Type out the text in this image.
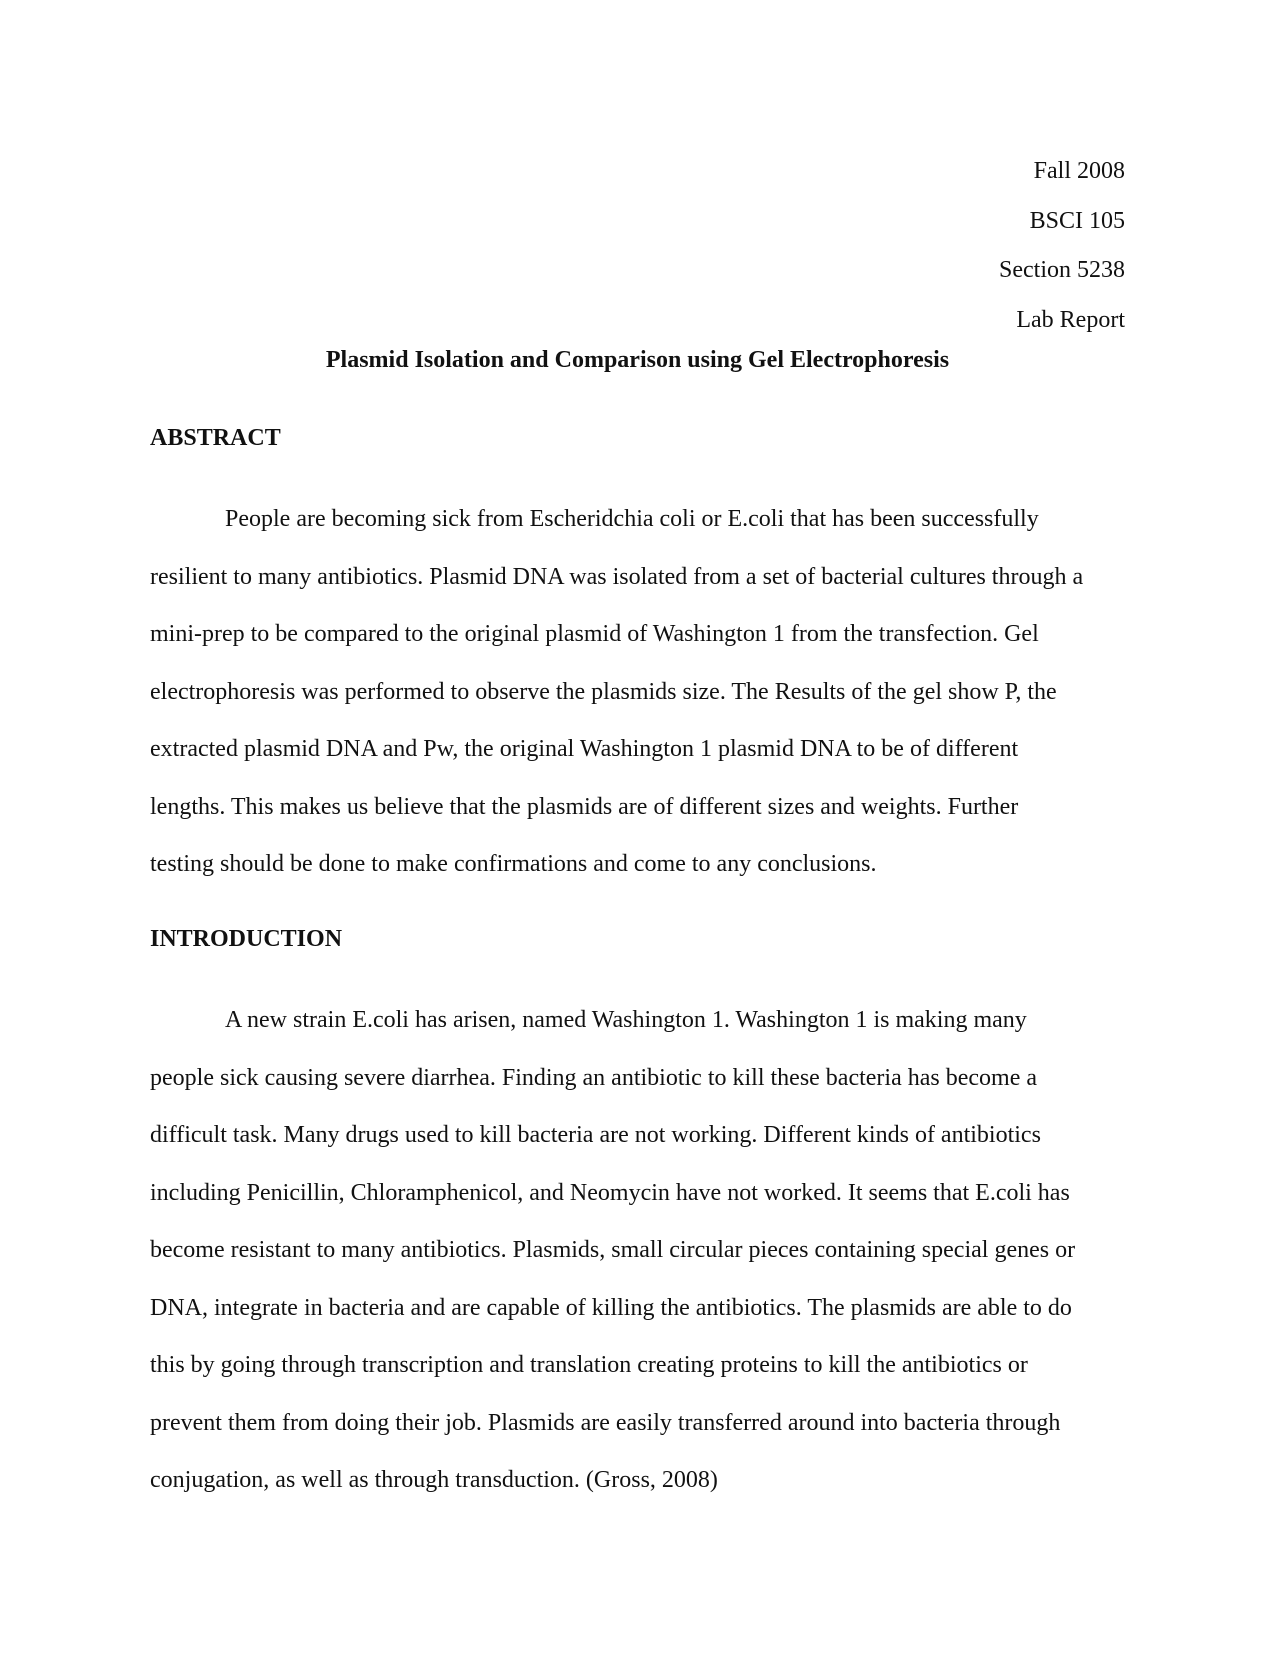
Fall 2008
BSCI 105
Section 5238
Lab Report
Plasmid Isolation and Comparison using Gel Electrophoresis
ABSTRACT
People are becoming sick from Escheridchia coli or E.coli that has been successfully
resilient to many antibiotics. Plasmid DNA was isolated from a set of bacterial cultures through a
mini-prep to be compared to the original plasmid of Washington 1 from the transfection. Gel
electrophoresis was performed to observe the plasmids size. The Results of the gel show P, the
extracted plasmid DNA and Pw, the original Washington 1 plasmid DNA to be of different
lengths. This makes us believe that the plasmids are of different sizes and weights. Further
testing should be done to make confirmations and come to any conclusions.
INTRODUCTION
A new strain E.coli has arisen, named Washington 1. Washington 1 is making many
people sick causing severe diarrhea. Finding an antibiotic to kill these bacteria has become a
difficult task. Many drugs used to kill bacteria are not working. Different kinds of antibiotics
including Penicillin, Chloramphenicol, and Neomycin have not worked. It seems that E.coli has
become resistant to many antibiotics. Plasmids, small circular pieces containing special genes or
DNA, integrate in bacteria and are capable of killing the antibiotics. The plasmids are able to do
this by going through transcription and translation creating proteins to kill the antibiotics or
prevent them from doing their job. Plasmids are easily transferred around into bacteria through
conjugation, as well as through transduction. (Gross, 2008)
